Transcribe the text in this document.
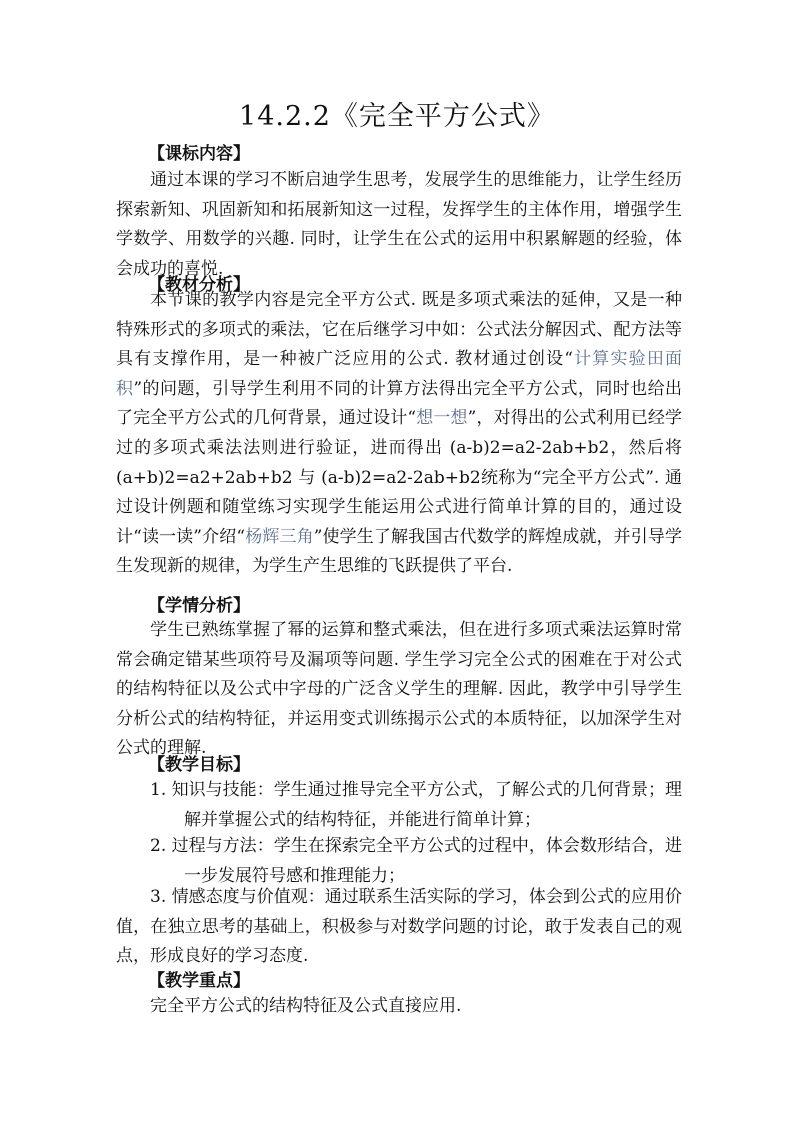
14.2.2《完全平方公式》
【课标内容】

通过本课的学习不断启迪学生思考，发展学生的思维能力，让学生经历探索新知、巩固新知和拓展新知这一过程，发挥学生的主体作用，增强学生学数学、用数学的兴趣. 同时，让学生在公式的运用中积累解题的经验，体会成功的喜悦.

【教材分析】

本节课的教学内容是完全平方公式. 既是多项式乘法的延伸，又是一种特殊形式的多项式的乘法，它在后继学习中如：公式法分解因式、配方法等具有支撑作用，是一种被广泛应用的公式. 教材通过创设“计算实验田面积”的问题，引导学生利用不同的计算方法得出完全平方公式，同时也给出了完全平方公式的几何背景，通过设计“想一想”，对得出的公式利用已经学过的多项式乘法法则进行验证，进而得出 (a-b)2=a2-2ab+b2，然后将 (a+b)2=a2+2ab+b2 与 (a-b)2=a2-2ab+b2统称为“完全平方公式”. 通过设计例题和随堂练习实现学生能运用公式进行简单计算的目的，通过设计“读一读”介绍“杨辉三角”使学生了解我国古代数学的辉煌成就，并引导学生发现新的规律，为学生产生思维的飞跃提供了平台.

【学情分析】

学生已熟练掌握了幂的运算和整式乘法，但在进行多项式乘法运算时常常会确定错某些项符号及漏项等问题. 学生学习完全公式的困难在于对公式的结构特征以及公式中字母的广泛含义学生的理解. 因此，教学中引导学生分析公式的结构特征，并运用变式训练揭示公式的本质特征，以加深学生对公式的理解.

【教学目标】

1. 知识与技能：学生通过推导完全平方公式，了解公式的几何背景；理解并掌握公式的结构特征，并能进行简单计算；

2. 过程与方法：学生在探索完全平方公式的过程中，体会数形结合，进一步发展符号感和推理能力；

3. 情感态度与价值观：通过联系生活实际的学习，体会到公式的应用价值，在独立思考的基础上，积极参与对数学问题的讨论，敢于发表自己的观点，形成良好的学习态度.

【教学重点】
完全平方公式的结构特征及公式直接应用.
